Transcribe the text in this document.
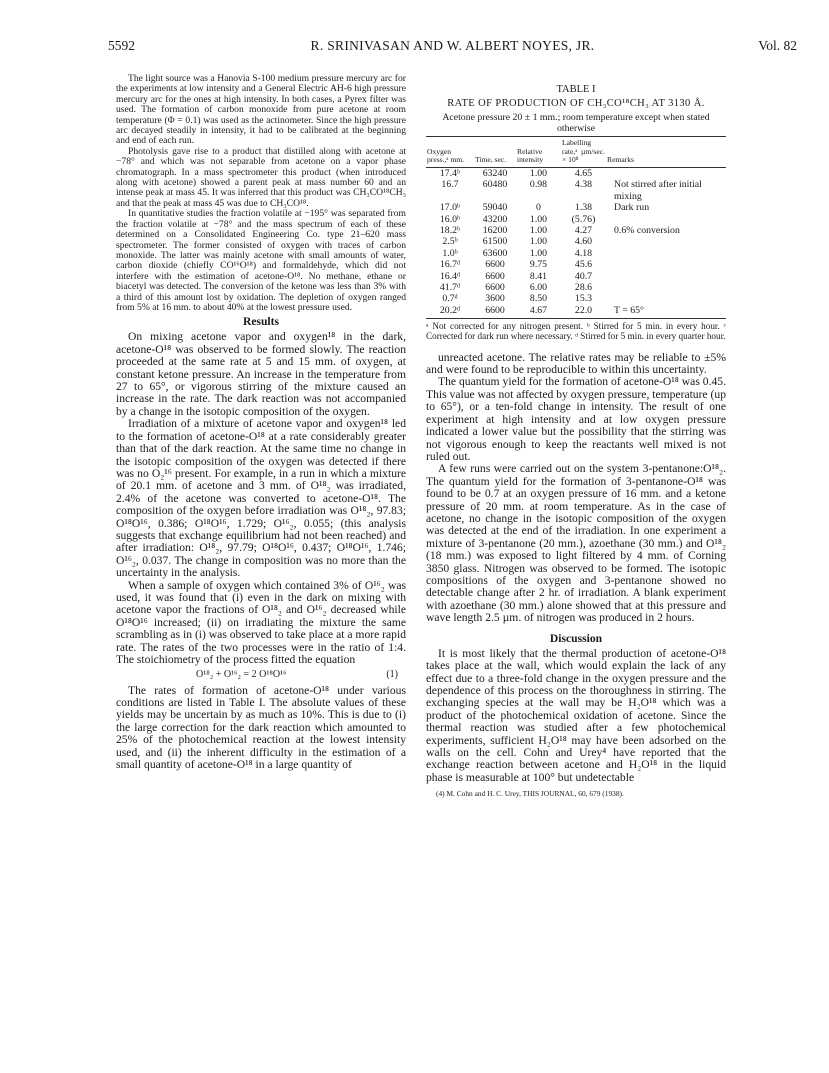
5592	R. SRINIVASAN AND W. ALBERT NOYES, JR.	Vol. 82

The light source was a Hanovia S-100 medium pressure mercury arc for the experiments at low intensity and a General Electric AH-6 high pressure mercury arc for the ones at high intensity. In both cases, a Pyrex filter was used. The formation of carbon monoxide from pure acetone at room temperature (Φ = 0.1) was used as the actinometer. Since the high pressure arc decayed steadily in intensity, it had to be calibrated at the beginning and end of each run.

Photolysis gave rise to a product that distilled along with acetone at −78° and which was not separable from acetone on a vapor phase chromatograph. In a mass spectrometer this product (when introduced along with acetone) showed a parent peak at mass number 60 and an intense peak at mass 45. It was inferred that this product was CH₃CO¹⁸CH₃ and that the peak at mass 45 was due to CH₃CO¹⁸.

In quantitative studies the fraction volatile at −195° was separated from the fraction volatile at −78° and the mass spectrum of each of these determined on a Consolidated Engineering Co. type 21–620 mass spectrometer. The former consisted of oxygen with traces of carbon monoxide. The latter was mainly acetone with small amounts of water, carbon dioxide (chiefly CO¹⁶O¹⁸) and formaldehyde, which did not interfere with the estimation of acetone-O¹⁸. No methane, ethane or biacetyl was detected. The conversion of the ketone was less than 3% with a third of this amount lost by oxidation. The depletion of oxygen ranged from 5% at 16 mm. to about 40% at the lowest pressure used.

Results

On mixing acetone vapor and oxygen¹⁸ in the dark, acetone-O¹⁸ was observed to be formed slowly. The reaction proceeded at the same rate at 5 and 15 mm. of oxygen, at constant ketone pressure. An increase in the temperature from 27 to 65°, or vigorous stirring of the mixture caused an increase in the rate. The dark reaction was not accompanied by a change in the isotopic composition of the oxygen.

Irradiation of a mixture of acetone vapor and oxygen¹⁸ led to the formation of acetone-O¹⁸ at a rate considerably greater than that of the dark reaction. At the same time no change in the isotopic composition of the oxygen was detected if there was no O₂¹⁶ present. For example, in a run in which a mixture of 20.1 mm. of acetone and 3 mm. of O¹⁸₂ was irradiated, 2.4% of the acetone was converted to acetone-O¹⁸. The composition of the oxygen before irradiation was O¹⁸₂, 97.83; O¹⁸O¹⁶, 0.386; O¹⁸O¹⁶, 1.729; O¹⁶₂, 0.055; (this analysis suggests that exchange equilibrium had not been reached) and after irradiation: O¹⁸₂, 97.79; O¹⁸O¹⁶, 0.437; O¹⁸O¹⁶, 1.746; O¹⁶₂, 0.037. The change in composition was no more than the uncertainty in the analysis.

When a sample of oxygen which contained 3% of O¹⁶₂ was used, it was found that (i) even in the dark on mixing with acetone vapor the fractions of O¹⁸₂ and O¹⁶₂ decreased while O¹⁸O¹⁶ increased; (ii) on irradiating the mixture the same scrambling as in (i) was observed to take place at a more rapid rate. The rates of the two processes were in the ratio of 1:4. The stoichiometry of the process fitted the equation

O¹⁸₂ + O¹⁶₂ = 2 O¹⁸O¹⁶	(1)

The rates of formation of acetone-O¹⁸ under various conditions are listed in Table I. The absolute values of these yields may be uncertain by as much as 10%. This is due to (i) the large correction for the dark reaction which amounted to 25% of the photochemical reaction at the lowest intensity used, and (ii) the inherent difficulty in the estimation of a small quantity of acetone-O¹⁸ in a large quantity of

TABLE I
RATE OF PRODUCTION OF CH₃CO¹⁸CH₃ AT 3130 Å.
Acetone pressure 20 ± 1 mm.; room temperature except when stated otherwise
Oxygen press.,ᵃ mm.	Time, sec.	Relative intensity	Labelling rate,ᵃ µm/sec. × 10⁸	Remarks
17.4ᵇ	63240	1.00	4.65	
16.7	60480	0.98	4.38	Not stirred after initial mixing
17.0ᵇ	59040	0	1.38	Dark run
16.0ᵇ	43200	1.00	(5.76)	
18.2ᵇ	16200	1.00	4.27	0.6% conversion
2.5ᵇ	61500	1.00	4.60	
1.0ᵇ	63600	1.00	4.18	
16.7ᵈ	6600	9.75	45.6	
16.4ᵈ	6600	8.41	40.7	
41.7ᵈ	6600	6.00	28.6	
0.7ᵈ	3600	8.50	15.3	
20.2ᵈ	6600	4.67	22.0	T = 65°
ᵃ Not corrected for any nitrogen present. ᵇ Stirred for 5 min. in every hour. ᶜ Corrected for dark run where necessary. ᵈ Stirred for 5 min. in every quarter hour.

unreacted acetone. The relative rates may be reliable to ±5% and were found to be reproducible to within this uncertainty.

The quantum yield for the formation of acetone-O¹⁸ was 0.45. This value was not affected by oxygen pressure, temperature (up to 65°), or a ten-fold change in intensity. The result of one experiment at high intensity and at low oxygen pressure indicated a lower value but the possibility that the stirring was not vigorous enough to keep the reactants well mixed is not ruled out.

A few runs were carried out on the system 3-pentanone:O¹⁸₂. The quantum yield for the formation of 3-pentanone-O¹⁸ was found to be 0.7 at an oxygen pressure of 16 mm. and a ketone pressure of 20 mm. at room temperature. As in the case of acetone, no change in the isotopic composition of the oxygen was detected at the end of the irradiation. In one experiment a mixture of 3-pentanone (20 mm.), azoethane (30 mm.) and O¹⁸₂ (18 mm.) was exposed to light filtered by 4 mm. of Corning 3850 glass. Nitrogen was observed to be formed. The isotopic compositions of the oxygen and 3-pentanone showed no detectable change after 2 hr. of irradiation. A blank experiment with azoethane (30 mm.) alone showed that at this pressure and wave length 2.5 µm. of nitrogen was produced in 2 hours.

Discussion

It is most likely that the thermal production of acetone-O¹⁸ takes place at the wall, which would explain the lack of any effect due to a three-fold change in the oxygen pressure and the dependence of this process on the thoroughness in stirring. The exchanging species at the wall may be H₂O¹⁸ which was a product of the photochemical oxidation of acetone. Since the thermal reaction was studied after a few photochemical experiments, sufficient H₂O¹⁸ may have been adsorbed on the walls on the cell. Cohn and Urey⁴ have reported that the exchange reaction between acetone and H₂O¹⁸ in the liquid phase is measurable at 100° but undetectable

(4) M. Cohn and H. C. Urey, THIS JOURNAL, 60, 679 (1938).
